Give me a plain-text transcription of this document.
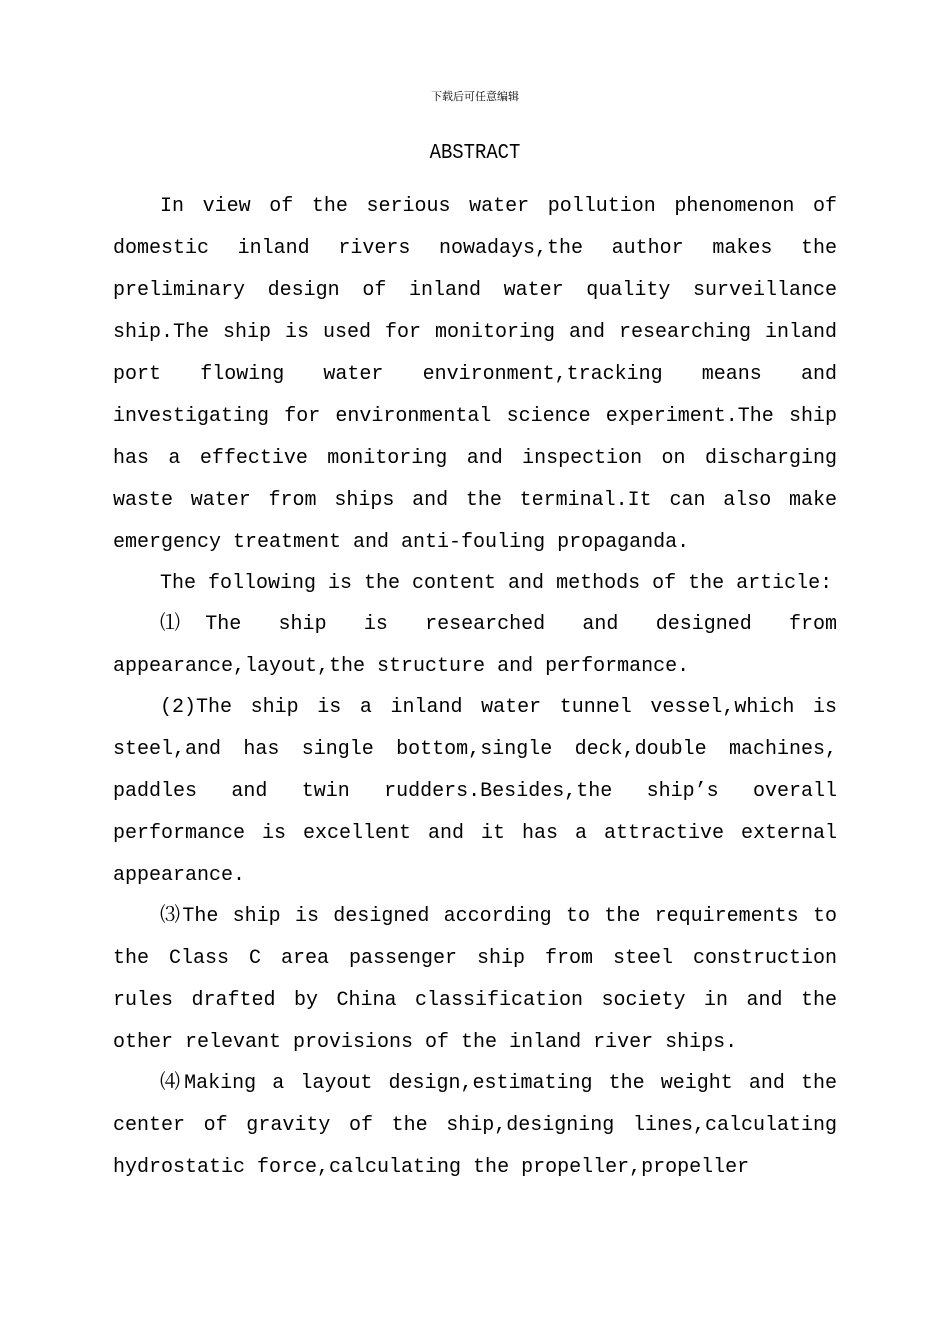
下载后可任意编辑
ABSTRACT

In view of the serious water pollution phenomenon of domestic inland rivers nowadays,the author makes the preliminary design of inland water quality surveillance ship.The ship is used for monitoring and researching inland port flowing water environment,tracking means and investigating for environmental science experiment.The ship has a effective monitoring and inspection on discharging waste water from ships and the terminal.It can also make emergency treatment and anti-fouling propaganda.

The following is the content and methods of the article:

⑴The ship is researched and designed from appearance,layout,the structure and performance.

(2)The ship is a inland water tunnel vessel,which is steel,and has single bottom,single deck,double machines, paddles and twin rudders.Besides,the ship’s overall performance is excellent and it has a attractive external appearance.

⑶The ship is designed according to the requirements to the Class C area passenger ship from steel construction rules drafted by China classification society in and the other relevant provisions of the inland river ships.

⑷Making a layout design,estimating the weight and the center of gravity of the ship,designing lines,calculating hydrostatic force,calculating the propeller,propeller
